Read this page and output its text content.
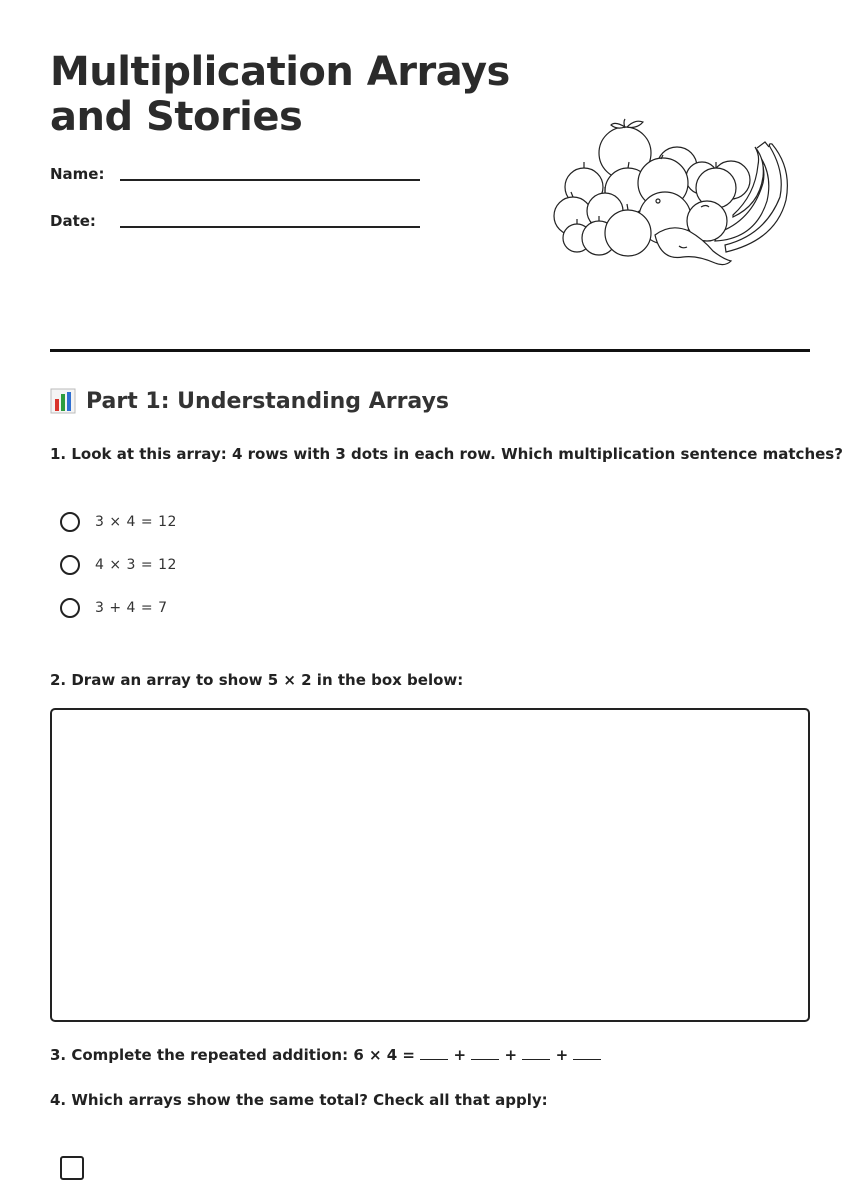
Multiplication Arrays
and Stories
Name:
Date:
Part 1: Understanding Arrays

1. Look at this array: 4 rows with 3 dots in each row. Which multiplication sentence matches?

3 × 4 = 12
4 × 3 = 12
3 + 4 = 7

2. Draw an array to show 5 × 2 in the box below:

3. Complete the repeated addition: 6 × 4 =	+	+	+

4. Which arrays show the same total? Check all that apply:
